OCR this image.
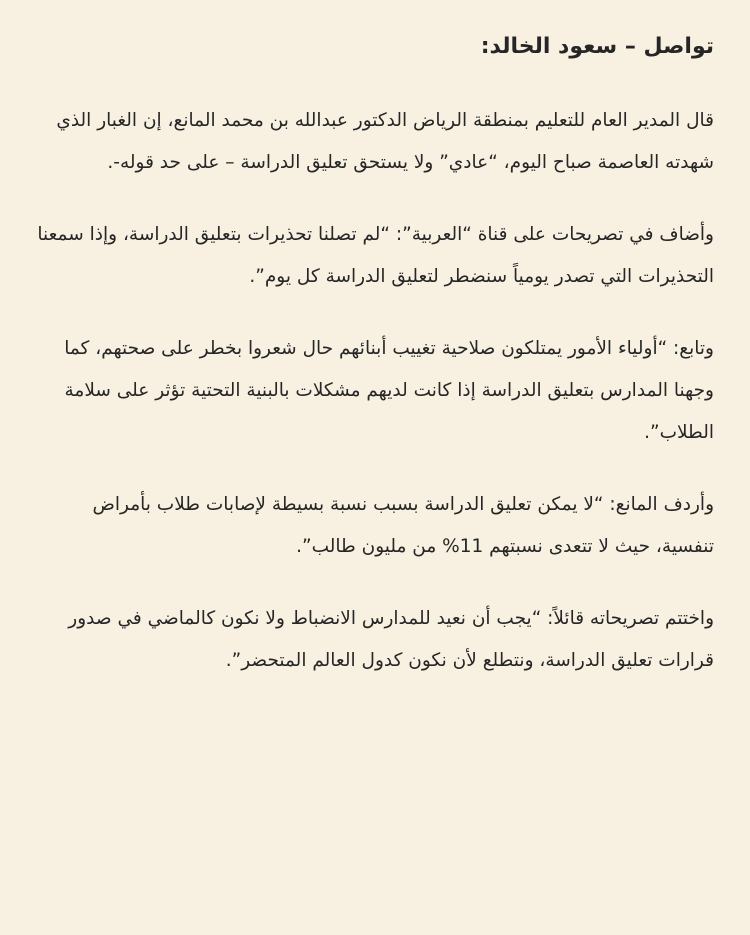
تواصل – سعود الخالد:

قال المدير العام للتعليم بمنطقة الرياض الدكتور عبدالله بن محمد المانع، إن الغبار الذي شهدته العاصمة صباح اليوم، “عادي” ولا يستحق تعليق الدراسة – على حد قوله-.

وأضاف في تصريحات على قناة “العربية”: “لم تصلنا تحذيرات بتعليق الدراسة، وإذا سمعنا التحذيرات التي تصدر يومياً سنضطر لتعليق الدراسة كل يوم”.

وتابع: “أولياء الأمور يمتلكون صلاحية تغييب أبنائهم حال شعروا بخطر على صحتهم، كما وجهنا المدارس بتعليق الدراسة إذا كانت لديهم مشكلات بالبنية التحتية تؤثر على سلامة الطلاب”.

وأردف المانع: “لا يمكن تعليق الدراسة بسبب نسبة بسيطة لإصابات طلاب بأمراض تنفسية، حيث لا تتعدى نسبتهم 11% من مليون طالب”.

واختتم تصريحاته قائلاً: “يجب أن نعيد للمدارس الانضباط ولا نكون كالماضي في صدور قرارات تعليق الدراسة، ونتطلع لأن نكون كدول العالم المتحضر”.
